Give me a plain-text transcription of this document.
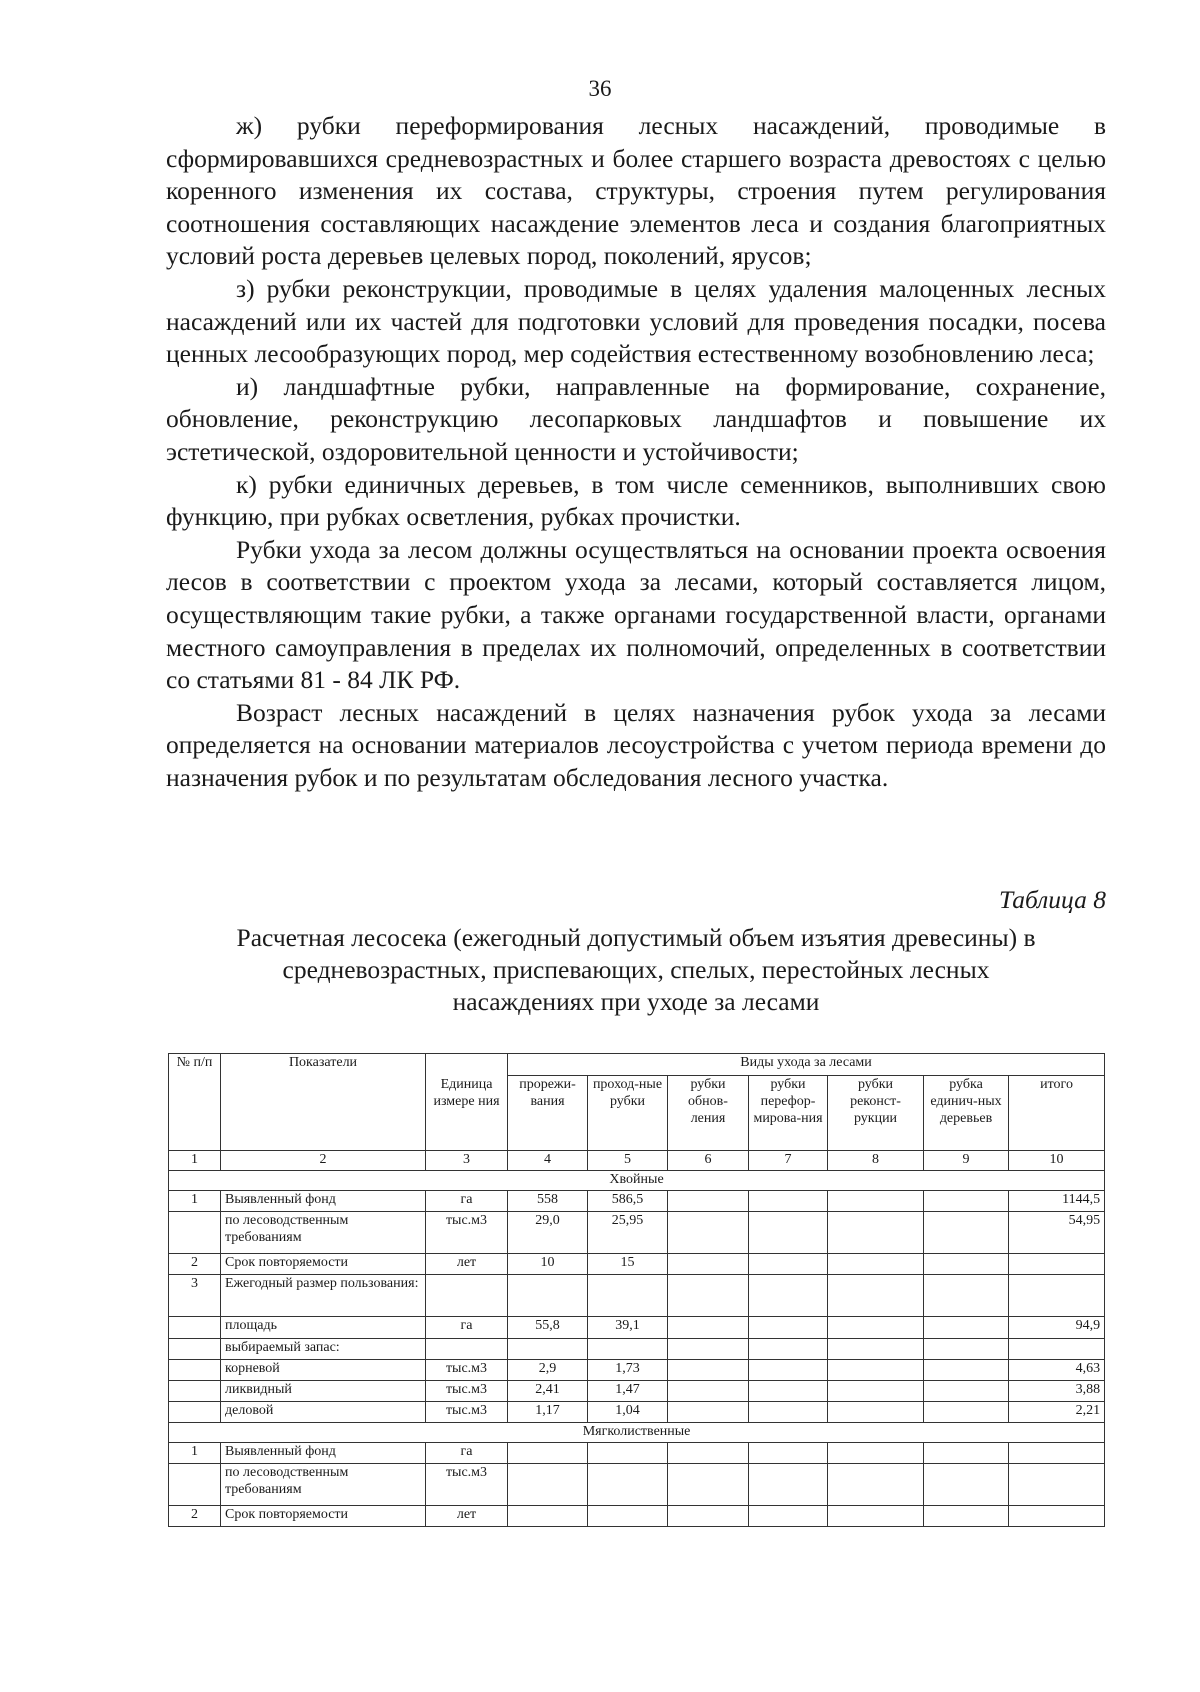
36

ж) рубки переформирования лесных насаждений, проводимые в сформировавшихся средневозрастных и более старшего возраста древостоях с целью коренного изменения их состава, структуры, строения путем регулирования соотношения составляющих насаждение элементов леса и создания благоприятных условий роста деревьев целевых пород, поколений, ярусов;

з) рубки реконструкции, проводимые в целях удаления малоценных лесных насаждений или их частей для подготовки условий для проведения посадки, посева ценных лесообразующих пород, мер содействия естественному возобновлению леса;

и) ландшафтные рубки, направленные на формирование, сохранение, обновление, реконструкцию лесопарковых ландшафтов и повышение их эстетической, оздоровительной ценности и устойчивости;

к) рубки единичных деревьев, в том числе семенников, выполнивших свою функцию, при рубках осветления, рубках прочистки.

Рубки ухода за лесом должны осуществляться на основании проекта освоения лесов в соответствии с проектом ухода за лесами, который составляется лицом, осуществляющим такие рубки, а также органами государственной власти, органами местного самоуправления в пределах их полномочий, определенных в соответствии со статьями 81 - 84 ЛК РФ.

Возраст лесных насаждений в целях назначения рубок ухода за лесами определяется на основании материалов лесоустройства с учетом периода времени до назначения рубок и по результатам обследования лесного участка.

Таблица 8
Расчетная лесосека (ежегодный допустимый объем изъятия древесины) в
средневозрастных, приспевающих, спелых, перестойных лесных
насаждениях при уходе за лесами
№ п/п	Показатели	Единица измере ния	Виды ухода за лесами						
			прорежи-вания	проход-ные рубки	рубки обнов-ления	рубки перефор-мирова-ния	рубки реконст-рукции	рубка единич-ных деревьев	итого
1	2	3	4	5	6	7	8	9	10
Хвойные									
1	Выявленный фонд	га	558	586,5					1144,5
	по лесоводственным требованиям	тыс.м3	29,0	25,95					54,95
2	Срок повторяемости	лет	10	15					
3	Ежегодный размер пользования:								
	площадь	га	55,8	39,1					94,9
	выбираемый запас:								
	корневой	тыс.м3	2,9	1,73					4,63
	ликвидный	тыс.м3	2,41	1,47					3,88
	деловой	тыс.м3	1,17	1,04					2,21
Мягколиственные									
1	Выявленный фонд	га							
	по лесоводственным требованиям	тыс.м3							
2	Срок повторяемости	лет							
